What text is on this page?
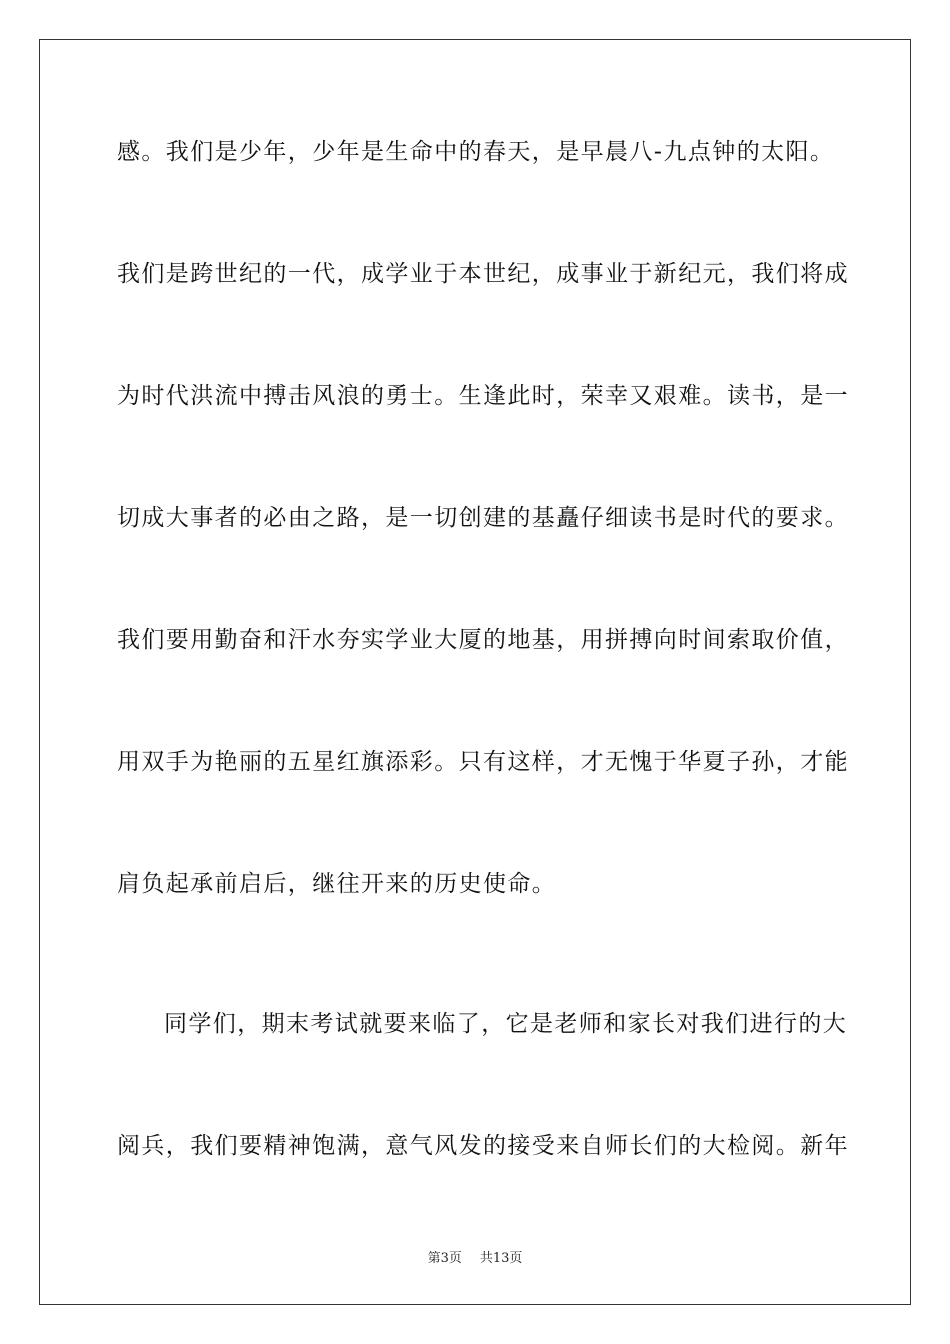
感。我们是少年，少年是生命中的春天，是早晨八-九点钟的太阳。
我们是跨世纪的一代，成学业于本世纪，成事业于新纪元，我们将成
为时代洪流中搏击风浪的勇士。生逢此时，荣幸又艰难。读书，是一
切成大事者的必由之路，是一切创建的基矗仔细读书是时代的要求。
我们要用勤奋和汗水夯实学业大厦的地基，用拼搏向时间索取价值，
用双手为艳丽的五星红旗添彩。只有这样，才无愧于华夏子孙，才能
肩负起承前启后，继往开来的历史使命。
同学们，期末考试就要来临了，它是老师和家长对我们进行的大
阅兵，我们要精神饱满，意气风发的接受来自师长们的大检阅。新年
第3页 共13页
